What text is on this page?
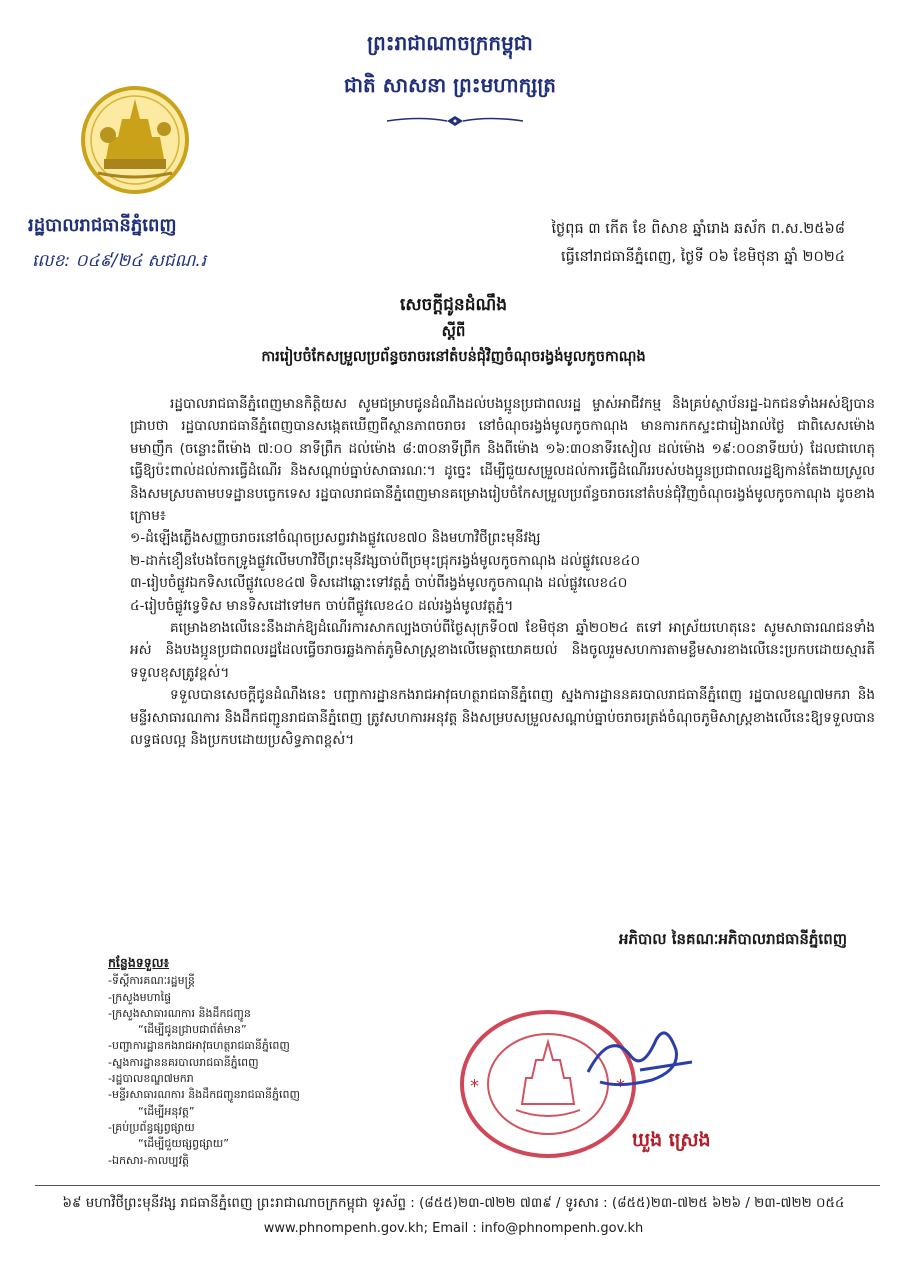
ព្រះរាជាណាចក្រកម្ពុជា
ជាតិ សាសនា ព្រះមហាក្សត្រ
រដ្ឋបាលរាជធានីភ្នំពេញ
លេខ: ០៤៩/២៤ សជណ.រ
ថ្ងៃពុធ ៣ កើត ខែ ពិសាខ ឆ្នាំរោង ឆស័ក ព.ស.២៥៦៨
ធ្វើនៅរាជធានីភ្នំពេញ, ថ្ងៃទី ០៦ ខែមិថុនា ឆ្នាំ ២០២៤
សេចក្ដីជូនដំណឹង
ស្ដីពី
ការរៀបចំកែសម្រួលប្រព័ន្ធចរាចរនៅតំបន់ជុំវិញចំណុចរង្វង់មូលកូចកាណុង

រដ្ឋបាលរាជធានីភ្នំពេញមានកិត្តិយស សូមជម្រាបជូនដំណឹងដល់បងប្អូនប្រជាពលរដ្ឋ ម្ចាស់អាជីវកម្ម និងគ្រប់ស្ថាប័នរដ្ឋ-ឯកជនទាំងអស់ឱ្យបានជ្រាបថា រដ្ឋបាលរាជធានីភ្នំពេញបានសង្កេតឃើញពីស្ថានភាពចរាចរ នៅចំណុចរង្វង់មូលកូចកាណុង មានការកកស្ទះជារៀងរាល់ថ្ងៃ ជាពិសេសម៉ោងមមាញឹក (ចន្លោះពីម៉ោង ៧:០០ នាទីព្រឹក ដល់ម៉ោង ៨:៣០នាទីព្រឹក និងពីម៉ោង ១៦:៣០នាទីរសៀល ដល់ម៉ោង ១៩:០០នាទីយប់) ដែលជាហេតុធ្វើឱ្យប៉ះពាល់ដល់ការធ្វើដំណើរ និងសណ្ដាប់ធ្នាប់សាធារណៈ។ ដូច្នេះ ដើម្បីជួយសម្រួលដល់ការធ្វើដំណើររបស់បងប្អូនប្រជាពលរដ្ឋឱ្យកាន់តែងាយស្រួល និងសមស្របតាមបទដ្ឋានបច្ចេកទេស រដ្ឋបាលរាជធានីភ្នំពេញមានគម្រោងរៀបចំកែសម្រួលប្រព័ន្ធចរាចរនៅតំបន់ជុំវិញចំណុចរង្វង់មូលកូចកាណុង ដូចខាងក្រោម៖

១-ដំឡើងភ្លើងសញ្ញាចរាចរនៅចំណុចប្រសព្វរវាងផ្លូវលេខ៧០ និងមហាវិថីព្រះមុនីវង្ស
២-ដាក់ខឿនបែងចែកទ្រូងផ្លូវលើមហាវិថីព្រះមុនីវង្សចាប់ពីច្រមុះជ្រុករង្វង់មូលកូចកាណុង ដល់ផ្លូវលេខ៤០
៣-រៀបចំផ្លូវឯកទិសលើផ្លូវលេខ៤៧ ទិសដៅឆ្ពោះទៅវត្តភ្នំ ចាប់ពីរង្វង់មូលកូចកាណុង ដល់ផ្លូវលេខ៤០
៤-រៀបចំផ្លូវទ្វេទិស មានទិសដៅទៅមក ចាប់ពីផ្លូវលេខ៤០ ដល់រង្វង់មូលវត្តភ្នំ។

គម្រោងខាងលើនេះនឹងដាក់ឱ្យដំណើរការសាកល្បងចាប់ពីថ្ងៃសុក្រទី០៧ ខែមិថុនា ឆ្នាំ២០២៤ តទៅ អាស្រ័យហេតុនេះ សូមសាធារណជនទាំងអស់ និងបងប្អូនប្រជាពលរដ្ឋដែលធ្វើចរាចរឆ្លងកាត់ភូមិសាស្រ្តខាងលើមេត្តាយោគយល់ និងចូលរួមសហការតាមខ្លឹមសារខាងលើនេះប្រកបដោយស្មារតីទទួលខុសត្រូវខ្ពស់។

ទទួលបានសេចក្ដីជូនដំណឹងនេះ បញ្ជាការដ្ឋានកងរាជអាវុធហត្ថរាជធានីភ្នំពេញ ស្នងការដ្ឋាននគរបាលរាជធានីភ្នំពេញ រដ្ឋបាលខណ្ឌ៧មករា និងមន្ទីរសាធារណការ និងដឹកជញ្ជូនរាជធានីភ្នំពេញ ត្រូវសហការអនុវត្ត និងសម្របសម្រួលសណ្ដាប់ធ្នាប់ចរាចរត្រង់ចំណុចភូមិសាស្រ្តខាងលើនេះឱ្យទទួលបានលទ្ធផលល្អ និងប្រកបដោយប្រសិទ្ធភាពខ្ពស់។

អភិបាល នៃគណៈអភិបាលរាជធានីភ្នំពេញ
កន្លែងទទួល៖
-ទីស្ដីការគណៈរដ្ឋមន្ត្រី
-ក្រសួងមហាផ្ទៃ
-ក្រសួងសាធារណការ និងដឹកជញ្ជូន
“ដើម្បីជូនជ្រាបជាព័ត៌មាន”
-បញ្ជាការដ្ឋានកងរាជអាវុធហត្ថរាជធានីភ្នំពេញ
-ស្នងការដ្ឋាននគរបាលរាជធានីភ្នំពេញ
-រដ្ឋបាលខណ្ឌ៧មករា
-មន្ទីរសាធារណការ និងដឹកជញ្ជូនរាជធានីភ្នំពេញ
“ដើម្បីអនុវត្ត”
-គ្រប់ប្រព័ន្ធផ្សព្វផ្សាយ
“ដើម្បីជួយផ្សព្វផ្សាយ”
-ឯកសារ-កាលប្បវត្តិ
*	*
ឃួង ស្រេង
៦៩ មហាវិថីព្រះមុនីវង្ស រាជធានីភ្នំពេញ ព្រះរាជាណាចក្រកម្ពុជា ទូរស័ព្ទ : (៨៥៥)២៣-៧២២ ៧៣៩ / ទូរសារ : (៨៥៥)២៣-៧២៥ ៦២៦ / ២៣-៧២២ ០៥៤
www.phnompenh.gov.kh; Email : info@phnompenh.gov.kh
